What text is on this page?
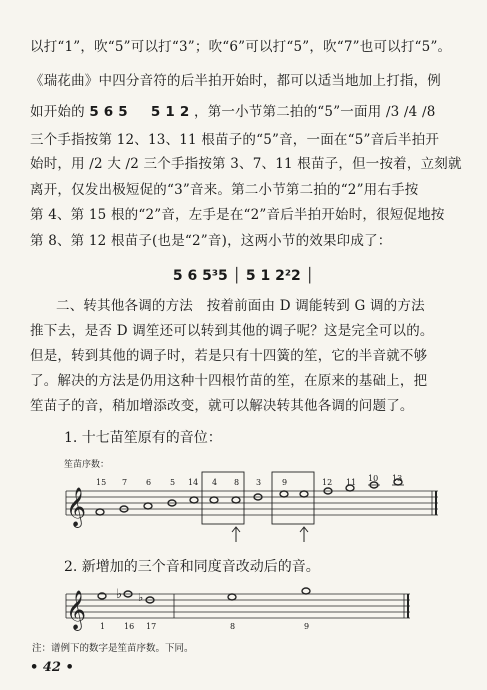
以打“1”，吹“5”可以打“3”；吹“6”可以打“5”，吹“7”也可以打“5”。
《瑞花曲》中四分音符的后半拍开始时，都可以适当地加上打指，例
如开始的 5 6 5 5 1 2 ，第一小节第二拍的“5”一面用 ∕3 ∕4 ∕8
三个手指按第 12、13、11 根苗子的“5”音，一面在“5”音后半拍开
始时，用 ∕2 大 ∕2 三个手指按第 3、7、11 根苗子，但一按着，立刻就
离开，仅发出极短促的“3”音来。第二小节第二拍的“2”用右手按
第 4、第 15 根的“2”音，左手是在“2”音后半拍开始时，很短促地按
第 8、第 12 根苗子(也是“2”音)，这两小节的效果印成了：
5 6 5³5 │ 5 1 2²2 │
二、转其他各调的方法　按着前面由 D 调能转到 G 调的方法
推下去，是否 D 调笙还可以转到其他的调子呢？这是完全可以的。
但是，转到其他的调子时，若是只有十四簧的笙，它的半音就不够
了。解决的方法是仍用这种十四根竹苗的笙，在原来的基础上，把
笙苗子的音，稍加增添改变，就可以解决转其他各调的问题了。
1. 十七苗笙原有的音位：
笙苗序数：
𝄞
𝄞 ♭ ♭
15 7 6 5 14 4 8 3	9	12 11 10 13
2. 新增加的三个音和同度音改动后的音。
1 16 17	8	9
注：谱例下的数字是笙苗序数。下同。
• 42 •
